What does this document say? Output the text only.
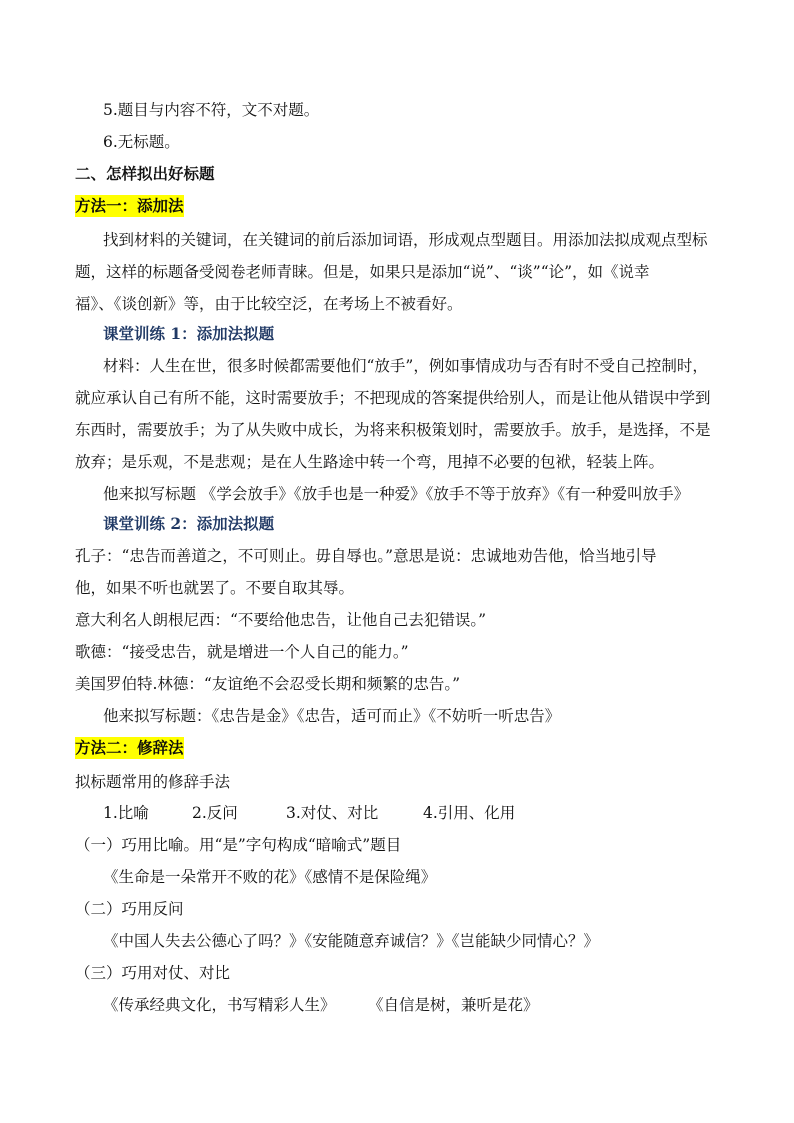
5.题目与内容不符，文不对题。
6.无标题。
二、怎样拟出好标题
方法一：添加法
找到材料的关键词，在关键词的前后添加词语，形成观点型题目。用添加法拟成观点型标
题，这样的标题备受阅卷老师青睐。但是，如果只是添加“说”、“谈”“论”，如《说幸
福》、《谈创新》等，由于比较空泛，在考场上不被看好。
课堂训练 1：添加法拟题
材料：人生在世，很多时候都需要他们“放手”，例如事情成功与否有时不受自己控制时，
就应承认自己有所不能，这时需要放手；不把现成的答案提供给别人，而是让他从错误中学到
东西时，需要放手；为了从失败中成长，为将来积极策划时，需要放手。放手，是选择，不是
放弃；是乐观，不是悲观；是在人生路途中转一个弯，甩掉不必要的包袱，轻装上阵。
他来拟写标题 《学会放手》《放手也是一种爱》《放手不等于放弃》《有一种爱叫放手》
课堂训练 2：添加法拟题
孔子：“忠告而善道之，不可则止。毋自辱也。”意思是说：忠诚地劝告他，恰当地引导
他，如果不听也就罢了。不要自取其辱。
意大利名人朗根尼西：“不要给他忠告，让他自己去犯错误。”
歌德：“接受忠告，就是增进一个人自己的能力。”
美国罗伯特.林德：“友谊绝不会忍受长期和频繁的忠告。”
他来拟写标题：《忠告是金》《忠告，适可而止》《不妨听一听忠告》
方法二：修辞法
拟标题常用的修辞手法
1.比喻	2.反问	3.对仗、对比	4.引用、化用
（一）巧用比喻。用“是”字句构成“暗喻式”题目
《生命是一朵常开不败的花》《感情不是保险绳》
（二）巧用反问
《中国人失去公德心了吗？》《安能随意弃诚信？》《岂能缺少同情心？》
（三）巧用对仗、对比
《传承经典文化，书写精彩人生》 《自信是树，兼听是花》
